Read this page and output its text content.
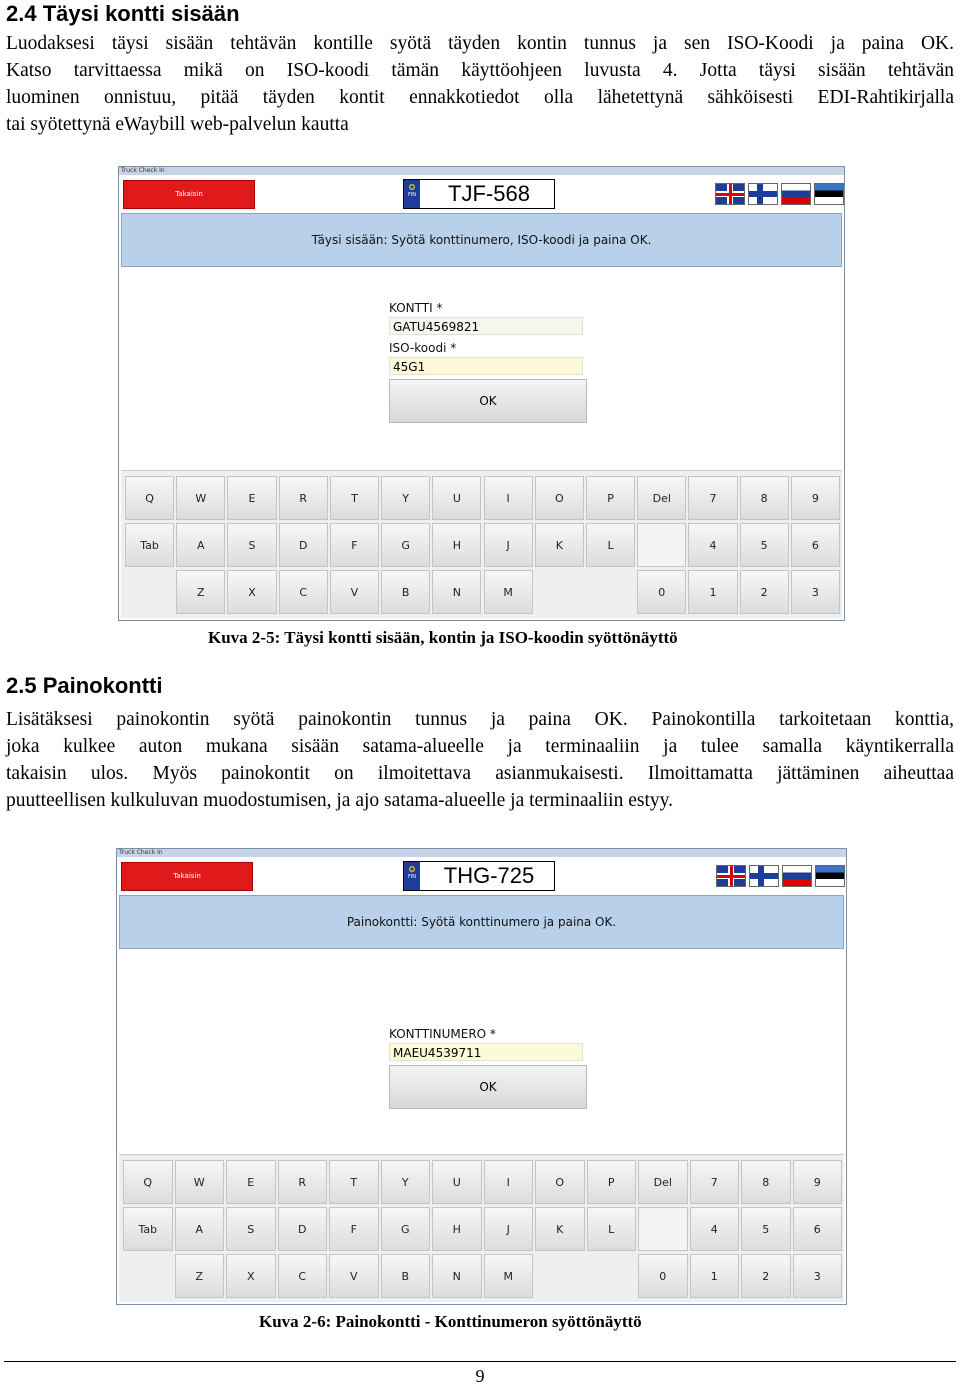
2.4 Täysi kontti sisään
Luodaksesi täysi sisään tehtävän kontille syötä täyden kontin tunnus ja sen ISO-Koodi ja paina OK.
Katso tarvittaessa mikä on ISO-koodi tämän käyttöohjeen luvusta 4. Jotta täysi sisään tehtävän
luominen onnistuu, pitää täyden kontit ennakkotiedot olla lähetettynä sähköisesti EDI-Rahtikirjalla
tai syötettynä eWaybill web-palvelun kautta
Truck Check In
Takaisin
✪
FIN	TJF-568
Täysi sisään: Syötä konttinumero, ISO-koodi ja paina OK.
KONTTI *
GATU4569821
ISO-koodi *
45G1
OK
Q	W	E	R	T	Y	U	I	O	P	Del	7	8	9
Tab	A	S	D	F	G	H	J	K	L	4	5	6
Z	X	C	V	B	N	M	0	1	2	3
Kuva 2-5: Täysi kontti sisään, kontin ja ISO-koodin syöttönäyttö
2.5 Painokontti
Lisätäksesi painokontin syötä painokontin tunnus ja paina OK. Painokontilla tarkoitetaan konttia,
joka kulkee auton mukana sisään satama-alueelle ja terminaaliin ja tulee samalla käyntikerralla
takaisin ulos. Myös painokontit on ilmoitettava asianmukaisesti. Ilmoittamatta jättäminen aiheuttaa
puutteellisen kulkuluvan muodostumisen, ja ajo satama-alueelle ja terminaaliin estyy.
Truck Check In
Takaisin
✪
FIN	THG-725
Painokontti: Syötä konttinumero ja paina OK.
KONTTINUMERO *
MAEU4539711
OK
Q	W	E	R	T	Y	U	I	O	P	Del	7	8	9
Tab	A	S	D	F	G	H	J	K	L	4	5	6
Z	X	C	V	B	N	M	0	1	2	3
Kuva 2-6: Painokontti - Konttinumeron syöttönäyttö
9
